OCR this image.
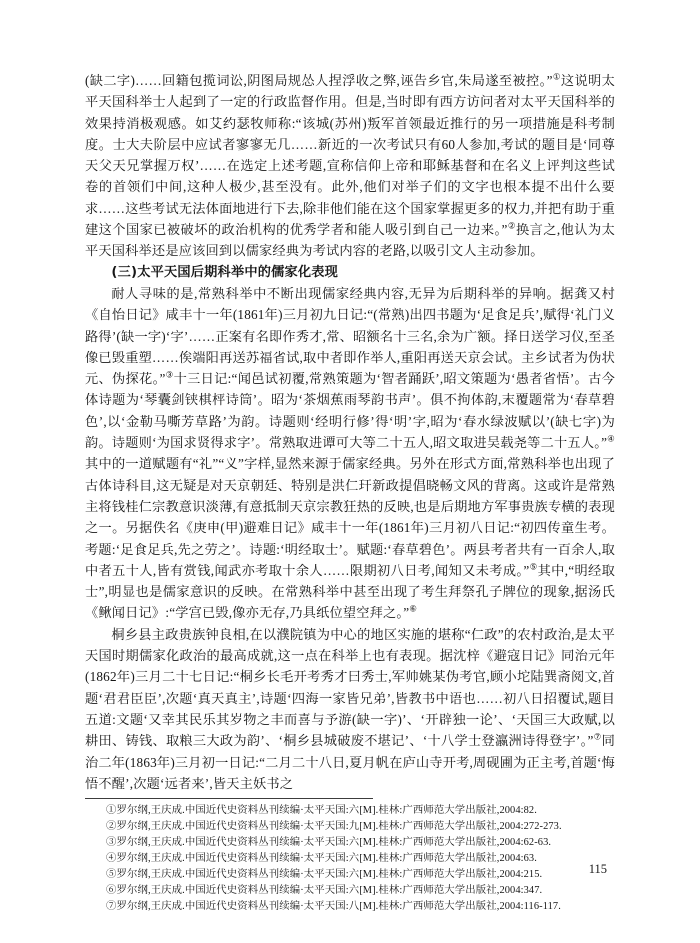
(缺二字)……回籍包揽词讼,阴图局规怂人捏浮收之弊,诬告乡官,朱局遂至被控。”①这说明太平天国科举士人起到了一定的行政监督作用。但是,当时即有西方访问者对太平天国科举的效果持消极观感。如艾约瑟牧师称:“该城(苏州)叛军首领最近推行的另一项措施是科考制度。士大夫阶层中应试者寥寥无几……新近的一次考试只有60人参加,考试的题目是‘同尊天父天兄掌握万权’……在选定上述考题,宣称信仰上帝和耶稣基督和在名义上评判这些试卷的首领们中间,这种人极少,甚至没有。此外,他们对举子们的文字也根本提不出什么要求……这些考试无法体面地进行下去,除非他们能在这个国家掌握更多的权力,并把有助于重建这个国家已被破坏的政治机构的优秀学者和能人吸引到自己一边来。”②换言之,他认为太平天国科举还是应该回到以儒家经典为考试内容的老路,以吸引文人主动参加。

(三)太平天国后期科举中的儒家化表现

耐人寻味的是,常熟科举中不断出现儒家经典内容,无异为后期科举的异响。据龚又村《自怡日记》咸丰十一年(1861年)三月初九日记:“(常熟)出四书题为‘足食足兵’,赋得‘礼门义路得’(缺一字)‘字’……正案有名即作秀才,常、昭额名十三名,余为广额。择日送学习仪,至圣像已毁重塑……俟端阳再送苏福省试,取中者即作举人,重阳再送天京会试。主乡试者为伪状元、伪探花。”③十三日记:“闻邑试初覆,常熟策题为‘智者踊跃’,昭文策题为‘愚者省悟’。古今体诗题为‘琴囊剑铗棋枰诗筒’。昭为‘茶烟蕉雨琴韵书声’。俱不拘体韵,末覆题常为‘春草碧色’,以‘金勒马嘶芳草路’为韵。诗题则‘经明行修’得‘明’字,昭为‘春水绿波赋以’(缺七字)为韵。诗题则‘为国求贤得求字’。常熟取进谭可大等二十五人,昭文取进吴载尧等二十五人。”④其中的一道赋题有“礼”“义”字样,显然来源于儒家经典。另外在形式方面,常熟科举也出现了古体诗科目,这无疑是对天京朝廷、特别是洪仁玕新政提倡晓畅文风的背离。这或许是常熟主将钱桂仁宗教意识淡薄,有意抵制天京宗教狂热的反映,也是后期地方军事贵族专横的表现之一。另据佚名《庚申(甲)避难日记》咸丰十一年(1861年)三月初八日记:“初四传童生考。考题:‘足食足兵,先之劳之’。诗题:‘明经取士’。赋题:‘春草碧色’。两县考者共有一百余人,取中者五十人,皆有赏钱,闻武亦考取十余人……限期初八日考,闻知又未考成。”⑤其中,“明经取士”,明显也是儒家意识的反映。在常熟科举中甚至出现了考生拜祭孔子牌位的现象,据汤氏《鳅闻日记》:“学宫已毁,像亦无存,乃具纸位望空拜之。”⑥

桐乡县主政贵族钟良相,在以濮院镇为中心的地区实施的堪称“仁政”的农村政治,是太平天国时期儒家化政治的最高成就,这一点在科举上也有表现。据沈梓《避寇日记》同治元年(1862年)三月二十七日记:“桐乡长毛开考秀才曰秀士,军帅姚某伪考官,顾小坨陆巽斋阅文,首题‘君君臣臣’,次题‘真天真主’,诗题‘四海一家皆兄弟’,皆教书中语也……初八日招覆试,题目五道:文题‘又幸其民乐其岁物之丰而喜与予游(缺一字)’、‘开辟独一论’、‘天国三大政赋,以耕田、铸钱、取粮三大政为韵’、‘桐乡县城破废不堪记’、‘十八学士登瀛洲诗得登字’。”⑦同治二年(1863年)三月初一日记:“二月二十八日,夏月帆在庐山寺开考,周砚圃为正主考,首题‘悔悟不醒’,次题‘远者来’,皆天主妖书之

①罗尔纲,王庆成.中国近代史资料丛刊续编·太平天国:六[M].桂林:广西师范大学出版社,2004:82.
②罗尔纲,王庆成.中国近代史资料丛刊续编·太平天国:九[M].桂林:广西师范大学出版社,2004:272-273.
③罗尔纲,王庆成.中国近代史资料丛刊续编·太平天国:六[M].桂林:广西师范大学出版社,2004:62-63.
④罗尔纲,王庆成.中国近代史资料丛刊续编·太平天国:六[M].桂林:广西师范大学出版社,2004:63.
⑤罗尔纲,王庆成.中国近代史资料丛刊续编·太平天国:六[M].桂林:广西师范大学出版社,2004:215.
⑥罗尔纲,王庆成.中国近代史资料丛刊续编·太平天国:六[M].桂林:广西师范大学出版社,2004:347.
⑦罗尔纲,王庆成.中国近代史资料丛刊续编·太平天国:八[M].桂林:广西师范大学出版社,2004:116-117.
115
